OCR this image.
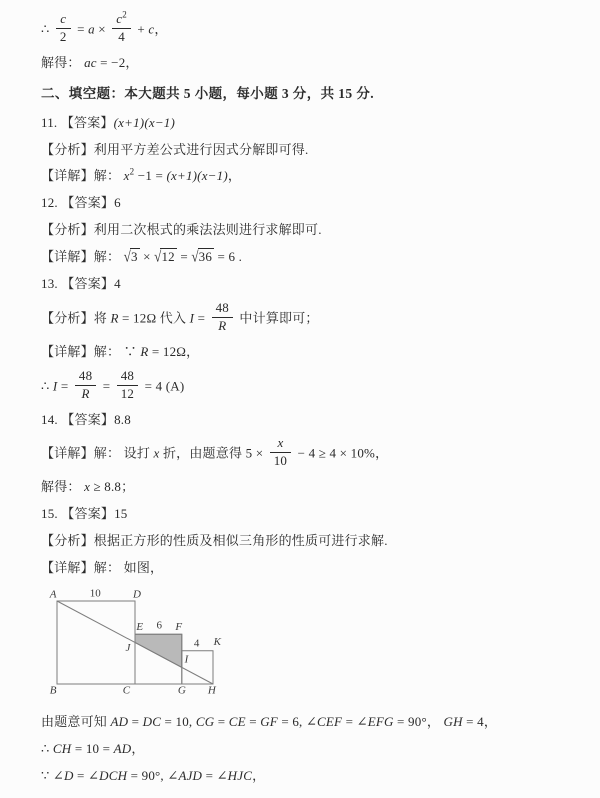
∴ $\frac{c}{2} = a \times \frac{c^2}{4} + c$，
解得： ac = −2，
二、填空题：本大题共 5 小题，每小题 3 分，共 15 分.
11. 【答案】(x+1)(x−1)
【分析】利用平方差公式进行因式分解即可得.
【详解】解： $x^2 -1 = (x+1)(x-1)$，
12. 【答案】6
【分析】利用二次根式的乘法法则进行求解即可.
【详解】解： √3 × √12 = √36 = 6 .
13. 【答案】4
【分析】将 R = 12Ω 代入 $I = \frac{48}{R}$ 中计算即可；
【详解】解： ∵ R = 12Ω，
∴ $I = \frac{48}{R} = \frac{48}{12} = 4$ (A)
14. 【答案】8.8
【详解】解： 设打 x 折，由题意得 $5 \times \frac{x}{10} - 4 \ge 4 \times 10\%$，
解得： x ≥ 8.8；
15. 【答案】15
【分析】根据正方形的性质及相似三角形的性质可进行求解.
【详解】解： 如图，
A	10	D
E 6 F
J	4 K
I
B	C	G H
由题意可知 AD = DC = 10, CG = CE = GF = 6, ∠CEF = ∠EFG = 90°， GH = 4，
∴ CH = 10 = AD，
∵ ∠D = ∠DCH = 90°, ∠AJD = ∠HJC，
